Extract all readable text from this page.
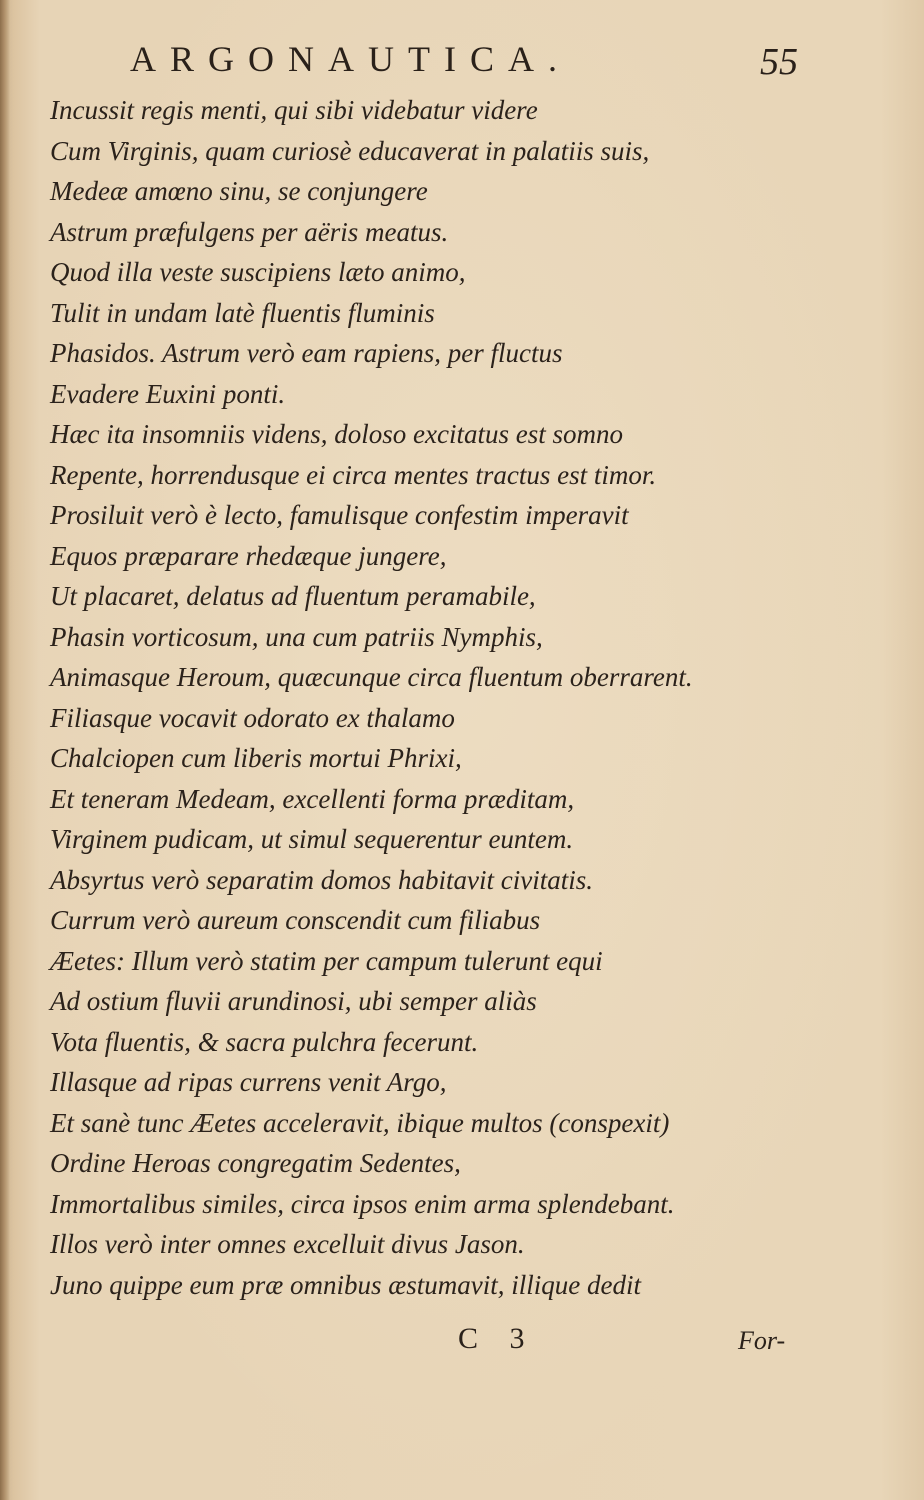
ARGONAUTICA.	55
Incussit regis menti, qui sibi videbatur videre
Cum Virginis, quam curiosè educaverat in palatiis suis,
Medeæ amœno sinu, se conjungere
Astrum præfulgens per aëris meatus.
Quod illa veste suscipiens læto animo,
Tulit in undam latè fluentis fluminis
Phasidos. Astrum verò eam rapiens, per fluctus
Evadere Euxini ponti.
Hæc ita insomniis videns, doloso excitatus est somno
Repente, horrendusque ei circa mentes tractus est timor.
Prosiluit verò è lecto, famulisque confestim imperavit
Equos præparare rhedæque jungere,
Ut placaret, delatus ad fluentum peramabile,
Phasin vorticosum, una cum patriis Nymphis,
Animasque Heroum, quæcunque circa fluentum oberrarent.
Filiasque vocavit odorato ex thalamo
Chalciopen cum liberis mortui Phrixi,
Et teneram Medeam, excellenti forma præditam,
Virginem pudicam, ut simul sequerentur euntem.
Absyrtus verò separatim domos habitavit civitatis.
Currum verò aureum conscendit cum filiabus
Æetes: Illum verò statim per campum tulerunt equi
Ad ostium fluvii arundinosi, ubi semper aliàs
Vota fluentis, & sacra pulchra fecerunt.
Illasque ad ripas currens venit Argo,
Et sanè tunc Æetes acceleravit, ibique multos (conspexit)
Ordine Heroas congregatim Sedentes,
Immortalibus similes, circa ipsos enim arma splendebant.
Illos verò inter omnes excelluit divus Jason.
Juno quippe eum præ omnibus æstumavit, illique dedit
C 3	For-
